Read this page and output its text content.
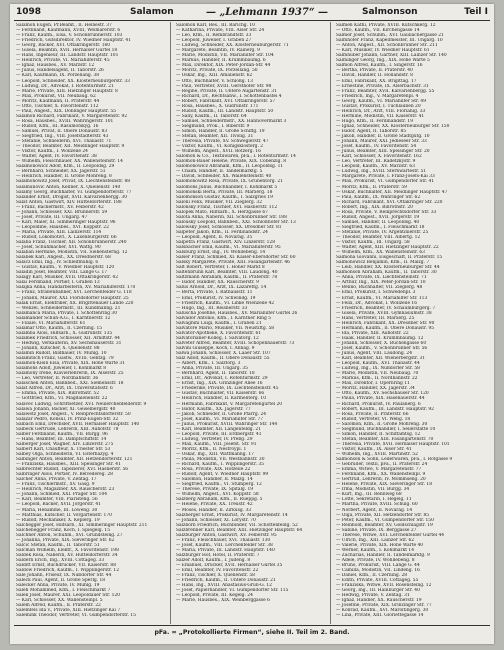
1098	Salamon	— „Lehmann 1937“ —	Salmonson	Teil I
Salamon Eugen, Pr.Beamt., II. Heinestr. 37
— Ferdinand, Kaufmann, XVIII, Weimarerstr. 6
— Franz, Kaufm., Elsa, V. Schönbrunnerstr. 103
— Friedrich, Gutsdirektor, IV. Wiedner Hauptstr. 41
— Georg, Bäcker, XVI. Ottakringerstr. 160
— Gisela, Beamtin, XVII. Hernalser Gürtel 18
— Hans, Ingenieur, III. Landstr. Hauptstr. 101
— Heinrich, Private, VI. Mariahilferstr. 45
— Ignaz, Hausbes., XV. Märzstr. 12
— Julius, Handelsagent, II. Taborstr. 26
— Karl, Kaufmann, IX. Porzellang. 38
— Leopold, Schneider, XX. Klosterneuburgerstr. 33
— Ludwig, Dr., Advokat, I. Rotenturmstr. 21
— Marie, Private, XIII. Hietzinger Hauptstr. 8
— Max, Prokurist, VII. Neubaug. 62
— Moritz, Kaufmann, II. Praterstr. 44
— Otto, Tischler, X. Favoritenstr. 112
— Paul, Angest., XIX. Döblinger Hauptstr. 55
Salamon Richard, Fabrikant, V. Margaretenstr. 92
— Rosa, Hausbes., XVIII. Währingerstr. 101
— Rudolf, Kfm., III. Rasumofskyg. 16
— Samuel, Privat, II. Obere Donaustr. 83
— Siegfried, Ing., VIII. Josefstädterstr. 43
— Stefanie, Schneiderin, XVI. Thaliastr. 71
— Theodor, Beamter, XII. Meidlinger Hauptstr. 9
— Viktor, Kaufm., I. Wollzeile 24
— Walter, Agent, IV. Favoritenstr. 38
— Wilhelm, Fleischhauer, XX. Wallensteinstr. 14
Salamonowicz Adolf, Kfm., II. Leopoldsg. 29
— Bernhard, Schneider, XX. Jägerstr. 51
— Heinrich, Händler, II. Große Mohreng. 8
Salamonowitz Josef, Privat, IX. Liechtensteinstr. 88
Salamunovic Anton, Kellner, X. Quellenstr. 140
Salamy Georg, Buchhalter, VI. Gumpendorferstr. 77
Salander Ernst, Drogist, XVII. Kalvarienbergg. 30
Salat Anton, Gastwirt, XIV. Hütteldorferstr. 188
— Franz, Bäckermstr., XV. Felberstr. 42
— Johann, Schlosser, XXI. Brünnerstr. 59
— Josef, Private, III. Ungarg. 47
— Karl, Maler, XI. Simmeringer Hauptstr. 96
— Leopoldine, Hausbes., XVI. Koppstr. 22
— Maria, Private, XIII. Lainzerstr. 114
— Rudolf, Lokomotivf., X. Laxenburgerstr. 66
Salaba Franz, Tischler, XII. Schönbrunnerstr. 240
— Josef, Schuhmacher, XVI. Wattg. 90
Salaban Hermine, Modistin, VII. Siebensterng. 12
Salabek Karl, Angest., XX. Dresdnerstr. 68
Salacz Emil, Ing., IV. Schleifmühlg. 6
— Gustav, Kaufm., V. Wiedner Hauptstr. 120
Saladin Josef, Beamter, VIII. Lange G. 17
Salagy Karl, Musiker, XVII. Ottakringerstr. 42
Salai Ferdinand, Portier, I. Graben 13
Salajka Anna, Handarbeiterin, XV. Mariahilferstr. 170
— Franz, Straßenbahner, XVI. Lerchenfelder G. 118
— Johann, Maurer, XXI. Floridsdorfer Hauptstr. 25
Salak Ernst, Elektriker, XX. Brigittenauer Lände 220
— Wenzel, Schneidermstr., III. Kundmanng. 21
Salamanca Maria, Private, I. Schottenring 30
Salamander Schuh-A.G., I. Kärntnerstr. 12
— Filiale, VI. Mariahilferstr. 61
Salamar Otto, Kaufm., II. Czerning. 15
Salamba Alois, Hilfsarb., X. Gudrunstr. 135
Salamek Friedrich, Schlosser, XII. Arndtstr. 44
— Hedwig, Verkäuferin, XV. Sechshauserstr. 31
— Johann, Kutscher, X. Quellenstr. 88
Salamin Rudolf, Bildhauer, IV. Mühlg. 10
Salamitsch Franz, Gastw., XVIII. Gentzg. 79
Salamon-Klein Elsa, Private, XIX. Hohe Warte 31
Salamons Adolf, Juwelier, I. Kohlmarkt 8
Salamony Irene, Klavierlehrerin, IX. Alserstr. 25
— Leo, Vertreter, II. Nordbahnstr. 36
Salaschek Anton, Bahnbed., XXI. Siemensstr. 18
Salat Alfred, Dr., Arzt, IX. Universitätsstr. 6
— Emma, Private, XIX. Billrothstr. 52
— Gottfried, Kfm., VI. Magdalenenstr. 22
Salavec Ludwig, Schriftsetzer, XVI. Neulerchenfelderstr. 9
Salawa Johann, Bäcker, XI. Geiselbergstr. 40
Salawetz Josef, Angest., V. Reinprechtsdorferstr. 50
Salazar Pedro, Konsul, IV. Prinz-Eugen-Str. 32
Salbach Emil, Drechsler, XVII. Hernalser Hauptstr. 140
Salbeck Gertrude, Lehrerin, XIII. Auhofstr. 78
Salber Ferdinand, Kaufm., VII. Burgg. 96
— Hans, Beamter, III. Dampfschiffstr. 14
Salberger Josef, Wagner, XIV. Linzerstr. 275
Salbert Karl, Chauffeur, X. Triester Str. 53
Salbey Olga, Schneiderin, VI. Esterhazyg. 4
Salbinger Anton, Beamter, XII. Hetzendorferstr. 121
— Franziska, Hausbes., XIII. Speisinger Str. 41
Salbrechter Rudolf, Tapezierer, XVI. Hasnerstr. 56
Salbringer Alois, Portier, IV. Belvedereg. 28
Salcher Anna, Private, V. Zentag. 17
— Franz, Tischlermstr., XV. Gasg. 9
— Heinrich, Magaziner, XX. Rauscherstr. 23
— Johann, Schmied, XXI. Prager Str. 104
— Karl, Beamter, VIII. Piaristeng. 56
— Leopold, Bäcker, XVII. Jörgerstr. 41
— Maria, Hebamme, III. Löweng. 30
— Matthias, Kutscher, II. Vorgartenstr. 170
— Rudolf, Mechaniker, X. Keplerg. 19
Salchegger Josef, Hilfsarb., XI. Simmeringer Hauptstr. 211
Salchenegger Franz, Koch, I. Spiegelg. 15
Salchner Anton, Schuhm., XVI. Grundsteing. 27
— Johanna, Private, XIX. Sieveringer Str. 62
Salcic Stefan, Kaufm., II. Taborstr. 51
Salcman Wilhelm, Elektr., X. Favoritenstr. 198
Saldek Rosa, Näherin, XV. Hütteldorferstr. 34
Saldern Erich, Ing., XVIII. Cottageg. 33
Salditt Ernst, Buchdrucker, VII. Kaiserstr. 88
Saldow Friedrich, Kaufm., I. Wipplingerstr. 12
Sale Johann, Friseur, IX. Nußdorfer Str. 44
Saleck Paul, Agent, II. Große Sperlg. 18
Salecker Anna, Private, IV. Mühlg. 19
Saleh Mohammed, Kfm., I. Fleischmarkt 7
Salek Josef, Maurer, XXI. Leopoldauer Str. 120
— Karl, Schlosser, XX. Wallensteinpl. 5
Salem Alfred, Kaufm., II. Praterstr. 22
Salemfels Ida v., Private, XIII. Hietzinger Kai 7
Salemink Theodor, Vertreter, VI. Gumpendorferstr. 15
Salomon Karl, Bes., III. Barichg. 10
— Katharina, Private, VIII. Alser Str. 24
— Leo, Kfm., II. Rembrandtstr. 33
— Leopold, Juwelier, I. Graben 27
— Ludwig, Schneider, XX. Klosterneuburgerstr. 71
— Margarete, Beamtin, IV. Rainerg. 9
— Marie, Modistin, VII. Mariahilfer Str. 104
— Markus, Händler, II. Krummbaumg. 6
— Max, Direktor, XIX. Peter-Jordan-Str. 44
— Moritz, Private, IX. Porzellang. 50
— Oskar, Ing., XIII. Amalienstr. 62
— Otto, Buchhalter, V. Schloßg. 13
— Paul, Vertreter, XVIII. Gersthofer Str. 98
— Regine, Private, II. Untere Augartenstr. 31
— Richard, Dr., Rechtsanw., I. Schottenbastei 4
— Robert, Fabrikant, XVI. Ottakringerstr. 57
— Rosa, Hausbes., X. Gudrunstr. 171
— Rudolf, Kaufm., III. Landstr. Hauptstr. 50
— Sally, Kaufm., II. Taborstr. 64
— Samuel, Schneidermstr., XX. Hannovermarkt 3
— Siegmund, Prok., I. Biberstr. 9
— Simon, Händler, II. Große Schiffg. 19
— Stefan, Beamter, XII. Tivolig. 31
— Theresia, Private, XV. Schweglerstr. 47
— Viktor, Kaufm., VI. Königsklosterg. 2
— Wilhelm, Angest., XVII. Rötzerg. 16
Salomon & Co., Textilwaren, pFa., I. Rotenturmstr. 14
Salomon-Bauer Helene, Private, XIX. Cobenzlg. 8
Salomonowicz Abraham, Kfm., II. Leopoldsg. 11
— Chaim, Händler, II. Tandelmarktg. 5
— David, Schneider, XX. Wallensteinstr. 40
Salomonowitz Rosa, Private, IX. Grünentorg. 21
Salomons Julius, Buchhändler, I. Kohlmarkt 5
Salomonski Berta, Private, III. Marxerg. 18
Salomonson Gustav, Kaufm., I. Salzgries 19
Saloni Felix, Musiker, VII. Zieglerg. 32
Salonsky Franz, Tischler, XVI. Hasnerstr. 112
Salopek Mato, Hilfsarb., X. Herzgasse 67
Salota Anna, Näherin, XII. Schönbrunner Str. 188
Salousky Leopold, Bahnbed., XXI. Schloßhofer Str. 13
Salowsky Josef, Schlosser, XX. Dresdner Str. 81
Salpeter Jakob, Kfm., II. Ferdinandstr. 24
— Leopold, Agent, II. Novarag. 35
Salpetra Franz, Gastwirt, XIV. Linzerstr. 128
Salsbacher Emil, Kaufm., VI. Mariahilferstr. 95
Salsburg Ernst, Ing., IV. Wohllebeng. 14
Salser Franz, Schmied, XI. Kaiser-Ebersdorfer Str. 60
Salsky Margarete, Private, XIII. Fasangartenstr. 46
Salt Robert, Vertreter, I. Hoher Markt 8
Saltenbrunn Karl, Beamter, VIII. Laudong. 40
Saltzmann Abraham, Kaufm., II. Praterstr. 78
— Isidor, Händler, XX. Rauscherstr. 9
Salus Arnold, Dr., Arzt, IX. Lazarettg. 14
— Berta, Private, I. Rathausstr. 11
— Emil, Prokurist, IV. Schwindg. 19
— Friedrich, Kaufm., VI. Linke Wienzeile 42
— Hugo, Ing., III. Reisnerstr. 33
Saluscha Josefine, Hausbes., XV. Mariahilfer Gürtel 26
Salvador Antonio, Kfm., I. Kärntner Ring 5
Salvagnini Luigi, Kaufm., I. Graben 21
Salvatore Mario, Musiker, VII. Neustiftg. 58
Salvator-Apotheke, X. Favoritenstr. 61
Salvatorianer-Kolleg, I. Salvatorg. 12
Salveter Alfred, Beamter, XVIII. Schopenhauerstr. 73
Salvini Giuseppe, Koch, I. Annag. 9
Salwa Johann, Schlosser, X. Laaer Str. 107
Salz Adolf, Kaufm., II. Obere Donaustr. 55
— Albert, Kfm., I. Salztorg. 3
— Anna, Private, III. Ungarg. 35
— Bernhard, Agent, II. Taborstr. 18
— Emil, Dr., Advokat, I. Rotenturmstr. 29
— Ernst, Ing., XIX. Grinzinger Allee 16
— Friederike, Private, IX. Liechtensteinstr. 45
— Gustav, Buchhalter, VII. Kaiserstr. 66
— Heinrich, Händler, II. Karmeliterg. 10
— Hermann, Fabrikant, V. Margaretengürtel 20
— Isidor, Kaufm., XX. Jägerstr. 77
— Jakob, Schneider, II. Große Pfarrg. 24
— Josef, Kaufm., VI. Mariahilfer Str. 77
— Julius, Prokurist, XVIII. Währinger Str. 144
— Karl, Beamter, XII. Längenfeldg. 21
— Leopold, Private, III. Erdbergstr. 41
— Ludwig, Vertreter, IV. Preßg. 29
— Max, Kaufm., VIII. Josefst. Str. 91
— Moritz, Kfm., II. Nestroypl. 1
— Oskar, Ing., XIII. Wattmanng. 17
— Paula, Modistin, VII. Westbahnstr. 30
— Richard, Kaufm., I. Wipplingerstr. 35
— Rosa, Private, XIX. Hofzeile 22
— Rudolf, Agent, V. Wiedner Hauptstr. 99
— Salomon, Händler, II. Malzg. 14
— Siegfried, Kaufm., VI. Stumperg. 12
— Therese, Private, IX. Spitalg. 19
— Wilhelm, Angest., XVI. Koppstr. 58
Salzberg Abraham, Kfm., II. Rueppg. 5
— Helene, Private, XX. Treustr. 42
— Moses, Händler, II. Zirkusg. 33
Salzberger Ernst, Prokurist, IV. Margaretenstr. 14
— Johann, Schlosser, XI. Lorystr. 70
Salzborn Friedrich, Buchbinder, VII. Schottenfeldg. 52
Salzbrenner Karl, Beamter, XIII. Hietzinger Hauptstr. 64
Salzburger Anton, Gastwirt, XV. Felberstr. 95
— Franz, Fleischhauer, XVI. Thaliastr. 130
— Josef, Kaufm., VIII. Lerchenfelder Str. 38
— Maria, Private, III. Landstr. Hauptstr. 140
Salzburger Hof, Hotel, II. Praterstr. 7
Salzer Adolf, Kaufm., I. Judeng. 8
— Emanuel, Drucker, XVII. Hernalser Gürtel 35
— Emil, Beamter, IV. Favoritenstr. 22
— Franz, Tischler, X. Quellenstr. 58
— Friedrich, Kaufm., II. Untere Donaustr. 21
— Hans, Ing., XVIII. Anastasius-Grün-G. 12
— Josef, Papierhändler, VI. Gumpendorfer Str. 115
— Leopold, Private, III. Kegelg. 24
— Marie, Hausbes., XIX. Weinberggasse 6
Salmen Kathi, Private, XVIII. Kutschkerg. 12
— Otto, Kaufm., VII. Kirchengasse 14
Salmer Josef, Schuhm., XVI. Gaullachergasse 21
Salmhofer Franz, Kapellmeister, III. Ungarg. 10
— Anton, Angest., XII. Schönbrunner Str. 211
— Karl, Musiker, IV. Wiedner Hauptstr. 61
Salmhuber Johann, Gärtner, XIII. Lainzer Str. 140
Salminger Georg, Ing., XIX. Hohe Warte 5
Salmon Alfred, Kaufm., I. Singerstr. 16
— Bertha, Private, II. Praterstr. 40
— David, Händler, II. Hollandstr. 8
— Emil, Fabrikant, XX. Brigittag. 17
— Ernestine, Private, IX. Alserbachstr. 31
— Franz, Beamter, XVII. Kalvarienbergg. 55
— Friedrich, Ing., V. Margaretenpl. 4
— Georg, Kaufm., VI. Mariahilfer Str. 49
— Gustav, Prokurist, I. Tuchlauben 20
— Heinrich, Dr., Arzt, VIII. Florianig. 33
— Hermine, Modistin, VII. Kaiserstr. 41
— Hugo, Kfm., II. Ferdinandstr. 19
— Ignaz, Schneider, XX. Klosterneuburger Str. 150
— Isidor, Agent, II. Taborstr. 85
— Jakob, Händler, II. Große Stadtgutg. 10
— Johann, Maurer, XXI. Jedleseer Str. 33
— Josef, Kaufm., IV. Favoritenstr. 54
— Julius, Beamter, XIII. Speisinger Str. 20
— Karl, Schlosser, X. Favoritenstr. 162
— Leo, Vertreter, III. Radetzkystr. 9
— Leopold, Kaufm., XV. Märzstr. 63
— Ludwig, Ing., XVIII. Sternwartestr. 51
— Margarete, Private, I. Franz-Josefs-Kai 33
— Max, Prokurist, VI. Gumpendorfer Str. 41
— Moritz, Kfm., II. Praterstr. 59
— Oskar, Buchhalter, XII. Meidlinger Hauptstr. 47
— Paul, Kaufm., IX. Währinger Str. 62
— Richard, Fabrikant, XVI. Ottakringer Str. 220
— Robert, Ing., XIX. Billrothstr. 20
— Rosa, Private, V. Reinprechtsdorfer Str. 33
— Rudolf, Angest., XVII. Jörgerstr. 19
— Samuel, Händler, II. Leopoldsg. 40
— Siegfried, Kaufm., I. Fleischmarkt 18
— Stefanie, Private, IV. Argentinierstr. 25
— Theodor, Beamter, VIII. Albertg. 12
— Viktor, Kaufm., III. Ungarg. 58
— Walter, Agent, XIII. Hietzinger Hauptstr. 22
— Wilhelm, Kfm., XX. Wallensteinstr. 63
Salmona Giovanni, Eisgeschäft, II. Praterstr. 15
Salmonowicz Benjamin, Kfm., II. Malzg. 7
— Leib, Händler, XX. Klosterneuburger Str. 44
Salmonson Abraham, Kaufm., II. Taborstr. 30
— Anna, Private, IX. Liechtensteinstr. 71
— Arthur, Ing., XIX. Peter-Jordan-Str. 10
— Benno, Buchhalter, VII. Zieglerg. 48
— Emil, Prokurist, I. Schwedenpl. 3
— Ernst, Kaufm., VI. Mariahilfer Str. 113
— Felix, Dr., Advokat, I. Wollzeile 16
— Friedrich, Beamter, IV. Schaumburgerg. 7
— Gisela, Private, XVIII. Gymnasiumstr. 38
— Hans, Vertreter, III. Marxerg. 25
— Heinrich, Fabrikant, XX. Dresdner Str. 90
— Hermann, Kaufm., II. Obere Donaustr. 95
— Ida, Private, XIII. Auhofstr. 22
— Isaak, Händler, II. Krummbaumg. 12
— Johann, Schlosser, X. Buchengasse 60
— Josef, Kaufm., V. Schönbrunner Str. 56
— Julius, Agent, VIII. Laudong. 24
— Karl, Beamter, XII. Wienerbergstr. 31
— Leopold, Kaufm., XVI. Thaliastr. 44
— Ludwig, Ing., IX. Nußdorfer Str. 58
— Marie, Modistin, VII. Neubaug. 70
— Markus, Kfm., II. Nordbahnstr. 22
— Max, Direktor, I. Opernring 11
— Moritz, Händler, XX. Jägerstr. 34
— Otto, Kaufm., XV. Sechshauser Str. 120
— Paula, Private, XIX. Hasenauerstr. 44
— Richard, Prokurist, IV. Paulanerg. 6
— Robert, Kaufm., III. Landstr. Hauptstr. 92
— Rosa, Private, II. Praterstr. 66
— Rudolf, Vertreter, VI. Webg. 18
— Salomon, Kfm., II. Große Mohreng. 30
— Siegmund, Buchhändler, I. Seilerstätte 10
— Simon, Händler, II. Schiffamtsg. 12
— Stefan, Beamter, XIII. Fasangartenstr. 70
— Theresia, Private, XVII. Hernalser Hauptstr. 101
— Viktor, Kaufm., IX. Alser Str. 41
— Wilhelm, Ing., XVIII. Martinstr. 52
Salmonson & Sohn, Lederwaren, pFa., I. Rotgasse 9
— Gebrüder, Textil, pFa., II. Praterstr. 24
— Emma, Witwe, V. Margaretenstr. 77
— Ferdinand, Kfm., XX. Wallensteinpl. 9
— Gertrud, Lehrerin, IV. Mommseng. 20
— Helene, Private, XIX. Sieveringer Str. 18
— Irma, Modistin, VII. Burgg. 34
— Kurt, Ing., III. Rennweg 68
— Lotte, Sekretärin, I. Hegelg. 11
— Martha, Private, XVIII. Schulg. 60
— Norbert, Agent, II. Novarag. 14
— Olga, Private, XII. Hetzendorfer Str. 85
— Peter, Kaufm., VI. Gumpendorfer Str. 150
— Reinhold, Beamter, XV. Goldschlagstr. 19
— Sabine, Private, IX. Berggasse 27
— Therese, Witwe, XVI. Lerchenfelder Gürtel 44
— Ulrich, Ing., XIII. Lainzer Str. 62
— Valerie, Private, XIX. Hohe Warte 40
— Werner, Kaufm., I. Kohlmarkt 14
— Zacharias, Händler, II. Tandelmarktg. 9
— Adele, Private, IV. Wohllebeng. 8
— Bruno, Prokurist, VIII. Lange G. 44
— Camilla, Modistin, VII. Lindeng. 16
— Daniel, Kfm., II. Czerning. 28
— Edith, Private, XVIII. Cottageg. 55
— Franziska, Witwe, XVII. Rosensteing. 12
— Georg, Ing., III. Hainburger Str. 40
— Hedwig, Private, V. Zentag. 31
— Ignaz, Händler, XX. Rauscherstr. 19
— Josefine, Private, XIX. Grinzinger Str. 77
— Konrad, Kaufm., XVI. Maroltingerg. 30
— Lina, Private, XIII. Gloriettegasse 14
pFa. = „Protokollierte Firmen“, siehe II. Teil im 2. Band.
